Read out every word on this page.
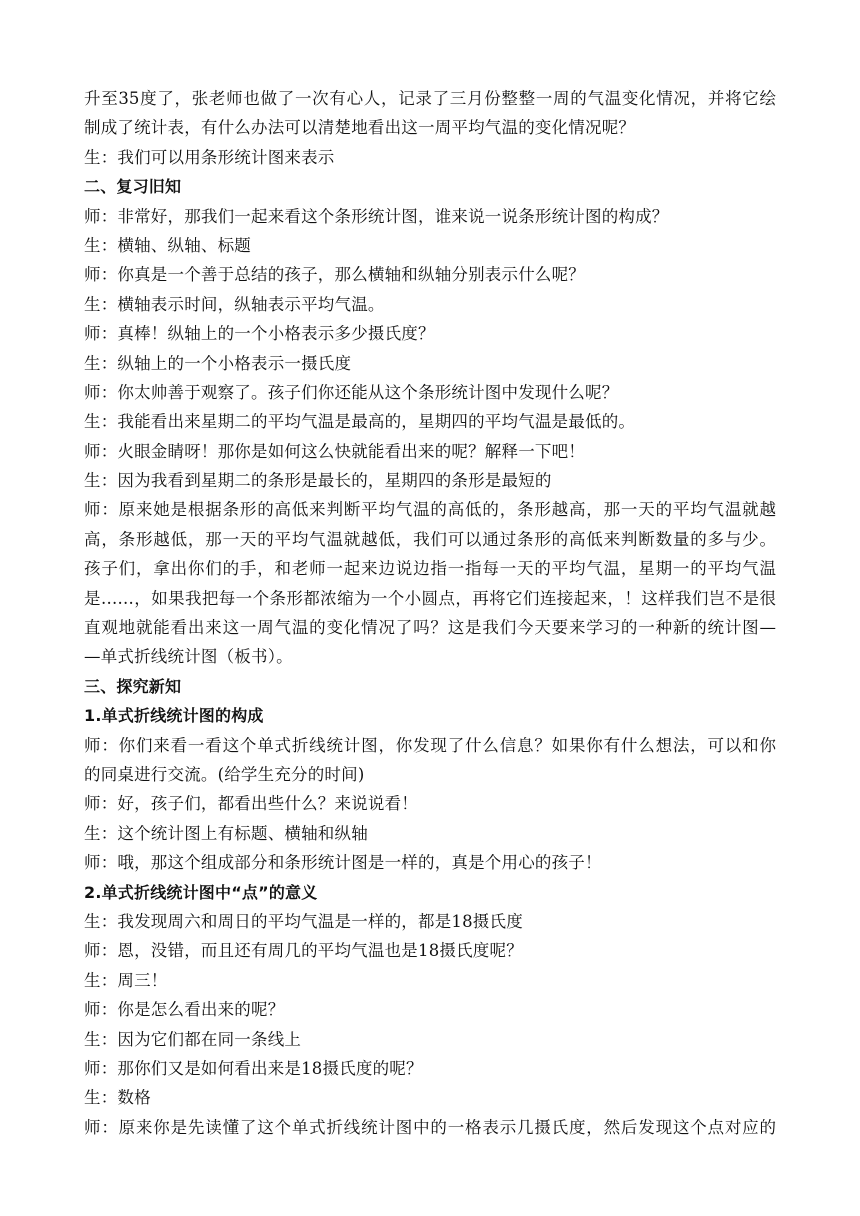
升至35度了，张老师也做了一次有心人，记录了三月份整整一周的气温变化情况，并将它绘
制成了统计表，有什么办法可以清楚地看出这一周平均气温的变化情况呢？
生：我们可以用条形统计图来表示
二、复习旧知
师：非常好，那我们一起来看这个条形统计图，谁来说一说条形统计图的构成？
生：横轴、纵轴、标题
师：你真是一个善于总结的孩子，那么横轴和纵轴分别表示什么呢？
生：横轴表示时间，纵轴表示平均气温。
师：真棒！纵轴上的一个小格表示多少摄氏度？
生：纵轴上的一个小格表示一摄氏度
师：你太帅善于观察了。孩子们你还能从这个条形统计图中发现什么呢？
生：我能看出来星期二的平均气温是最高的，星期四的平均气温是最低的。
师：火眼金睛呀！那你是如何这么快就能看出来的呢？解释一下吧！
生：因为我看到星期二的条形是最长的，星期四的条形是最短的
师：原来她是根据条形的高低来判断平均气温的高低的，条形越高，那一天的平均气温就越
高，条形越低，那一天的平均气温就越低，我们可以通过条形的高低来判断数量的多与少。
孩子们，拿出你们的手，和老师一起来边说边指一指每一天的平均气温，星期一的平均气温
是……，如果我把每一个条形都浓缩为一个小圆点，再将它们连接起来，！这样我们岂不是很
直观地就能看出来这一周气温的变化情况了吗？这是我们今天要来学习的一种新的统计图—
—单式折线统计图（板书）。
三、探究新知
1.单式折线统计图的构成
师：你们来看一看这个单式折线统计图，你发现了什么信息？如果你有什么想法，可以和你
的同桌进行交流。(给学生充分的时间)
师：好，孩子们，都看出些什么？来说说看！
生：这个统计图上有标题、横轴和纵轴
师：哦，那这个组成部分和条形统计图是一样的，真是个用心的孩子！
2.单式折线统计图中“点”的意义
生：我发现周六和周日的平均气温是一样的，都是18摄氏度
师：恩，没错，而且还有周几的平均气温也是18摄氏度呢？
生：周三！
师：你是怎么看出来的呢？
生：因为它们都在同一条线上
师：那你们又是如何看出来是18摄氏度的呢？
生：数格
师：原来你是先读懂了这个单式折线统计图中的一格表示几摄氏度，然后发现这个点对应的
